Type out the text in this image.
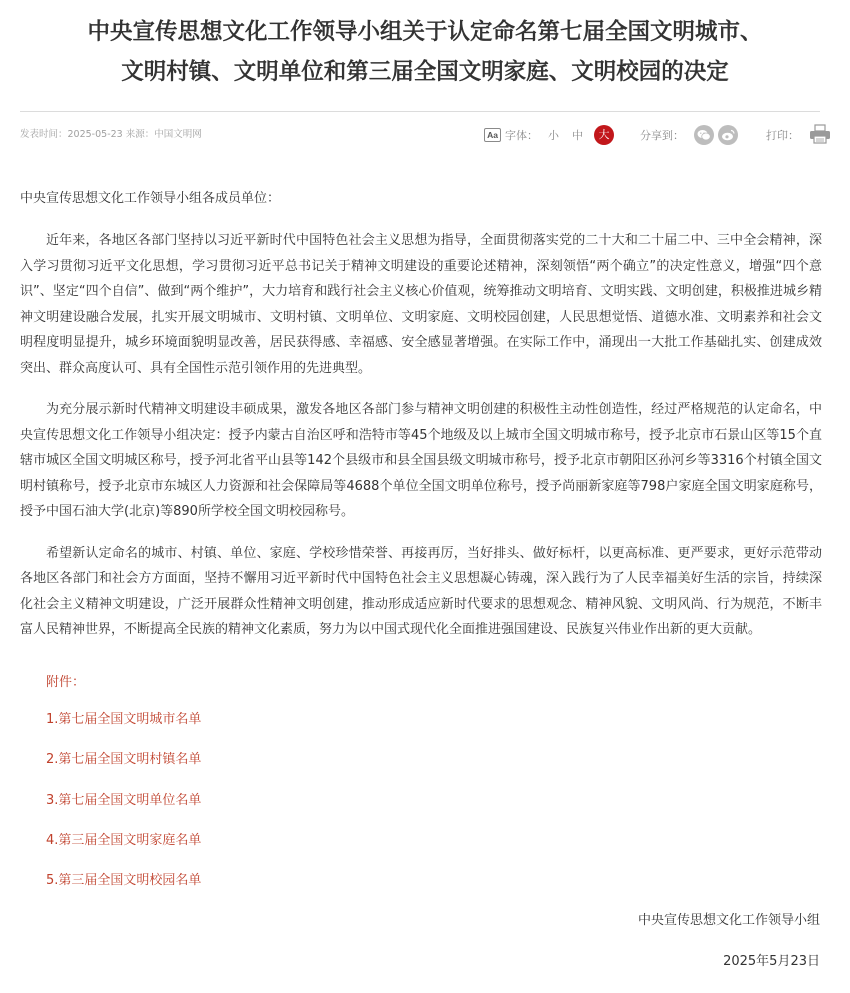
中央宣传思想文化工作领导小组关于认定命名第七届全国文明城市、
文明村镇、文明单位和第三届全国文明家庭、文明校园的决定
发表时间：2025-05-23 来源：中国文明网	Aa 字体： 小 中	大	分享到：	打印：
中央宣传思想文化工作领导小组各成员单位：

近年来，各地区各部门坚持以习近平新时代中国特色社会主义思想为指导，全面贯彻落实党的二十大和二十届二中、三中全会精神，深入学习贯彻习近平文化思想，学习贯彻习近平总书记关于精神文明建设的重要论述精神，深刻领悟“两个确立”的决定性意义，增强“四个意识”、坚定“四个自信”、做到“两个维护”，大力培育和践行社会主义核心价值观，统筹推动文明培育、文明实践、文明创建，积极推进城乡精神文明建设融合发展，扎实开展文明城市、文明村镇、文明单位、文明家庭、文明校园创建，人民思想觉悟、道德水准、文明素养和社会文明程度明显提升，城乡环境面貌明显改善，居民获得感、幸福感、安全感显著增强。在实际工作中，涌现出一大批工作基础扎实、创建成效突出、群众高度认可、具有全国性示范引领作用的先进典型。

为充分展示新时代精神文明建设丰硕成果，激发各地区各部门参与精神文明创建的积极性主动性创造性，经过严格规范的认定命名，中央宣传思想文化工作领导小组决定：授予内蒙古自治区呼和浩特市等45个地级及以上城市全国文明城市称号，授予北京市石景山区等15个直辖市城区全国文明城区称号，授予河北省平山县等142个县级市和县全国县级文明城市称号，授予北京市朝阳区孙河乡等3316个村镇全国文明村镇称号，授予北京市东城区人力资源和社会保障局等4688个单位全国文明单位称号，授予尚丽新家庭等798户家庭全国文明家庭称号，授予中国石油大学(北京)等890所学校全国文明校园称号。

希望新认定命名的城市、村镇、单位、家庭、学校珍惜荣誉、再接再厉，当好排头、做好标杆，以更高标准、更严要求，更好示范带动各地区各部门和社会方方面面，坚持不懈用习近平新时代中国特色社会主义思想凝心铸魂，深入践行为了人民幸福美好生活的宗旨，持续深化社会主义精神文明建设，广泛开展群众性精神文明创建，推动形成适应新时代要求的思想观念、精神风貌、文明风尚、行为规范，不断丰富人民精神世界，不断提高全民族的精神文化素质，努力为以中国式现代化全面推进强国建设、民族复兴伟业作出新的更大贡献。

附件：
1.第七届全国文明城市名单
2.第七届全国文明村镇名单
3.第七届全国文明单位名单
4.第三届全国文明家庭名单
5.第三届全国文明校园名单
中央宣传思想文化工作领导小组
2025年5月23日
